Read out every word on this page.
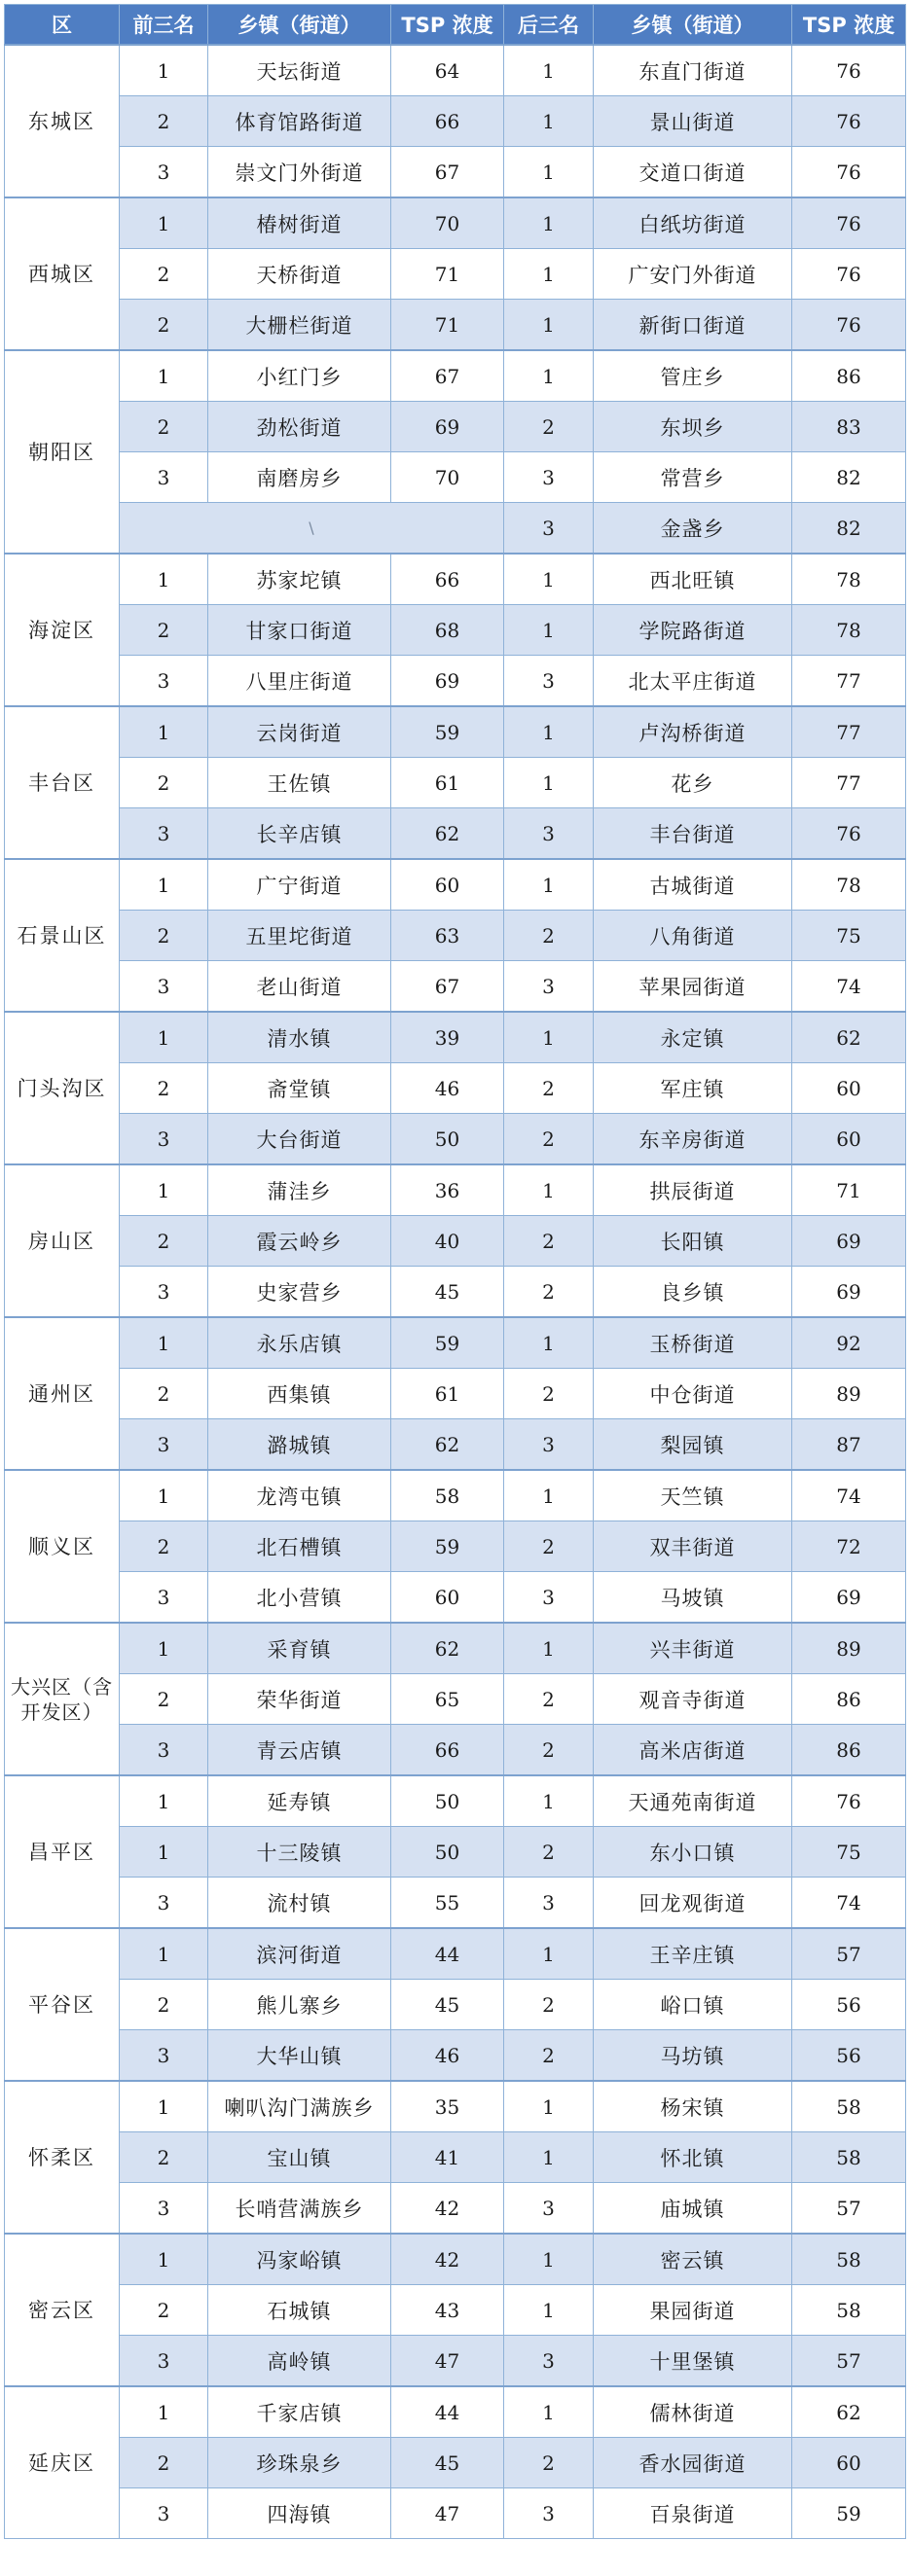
区	前三名	乡镇（街道）	TSP 浓度	后三名	乡镇（街道）	TSP 浓度
东城区	1	天坛街道	64	1	东直门街道	76
	2	体育馆路街道	66	1	景山街道	76
	3	崇文门外街道	67	1	交道口街道	76
西城区	1	椿树街道	70	1	白纸坊街道	76
	2	天桥街道	71	1	广安门外街道	76
	2	大栅栏街道	71	1	新街口街道	76
朝阳区	1	小红门乡	67	1	管庄乡	86
	2	劲松街道	69	2	东坝乡	83
	3	南磨房乡	70	3	常营乡	82
	\			3	金盏乡	82
海淀区	1	苏家坨镇	66	1	西北旺镇	78
	2	甘家口街道	68	1	学院路街道	78
	3	八里庄街道	69	3	北太平庄街道	77
丰台区	1	云岗街道	59	1	卢沟桥街道	77
	2	王佐镇	61	1	花乡	77
	3	长辛店镇	62	3	丰台街道	76
石景山区	1	广宁街道	60	1	古城街道	78
	2	五里坨街道	63	2	八角街道	75
	3	老山街道	67	3	苹果园街道	74
门头沟区	1	清水镇	39	1	永定镇	62
	2	斋堂镇	46	2	军庄镇	60
	3	大台街道	50	2	东辛房街道	60
房山区	1	蒲洼乡	36	1	拱辰街道	71
	2	霞云岭乡	40	2	长阳镇	69
	3	史家营乡	45	2	良乡镇	69
通州区	1	永乐店镇	59	1	玉桥街道	92
	2	西集镇	61	2	中仓街道	89
	3	潞城镇	62	3	梨园镇	87
顺义区	1	龙湾屯镇	58	1	天竺镇	74
	2	北石槽镇	59	2	双丰街道	72
	3	北小营镇	60	3	马坡镇	69
大兴区（含开发区）	1	采育镇	62	1	兴丰街道	89
	2	荣华街道	65	2	观音寺街道	86
	3	青云店镇	66	2	高米店街道	86
昌平区	1	延寿镇	50	1	天通苑南街道	76
	1	十三陵镇	50	2	东小口镇	75
	3	流村镇	55	3	回龙观街道	74
平谷区	1	滨河街道	44	1	王辛庄镇	57
	2	熊儿寨乡	45	2	峪口镇	56
	3	大华山镇	46	2	马坊镇	56
怀柔区	1	喇叭沟门满族乡	35	1	杨宋镇	58
	2	宝山镇	41	1	怀北镇	58
	3	长哨营满族乡	42	3	庙城镇	57
密云区	1	冯家峪镇	42	1	密云镇	58
	2	石城镇	43	1	果园街道	58
	3	高岭镇	47	3	十里堡镇	57
延庆区	1	千家店镇	44	1	儒林街道	62
	2	珍珠泉乡	45	2	香水园街道	60
	3	四海镇	47	3	百泉街道	59
